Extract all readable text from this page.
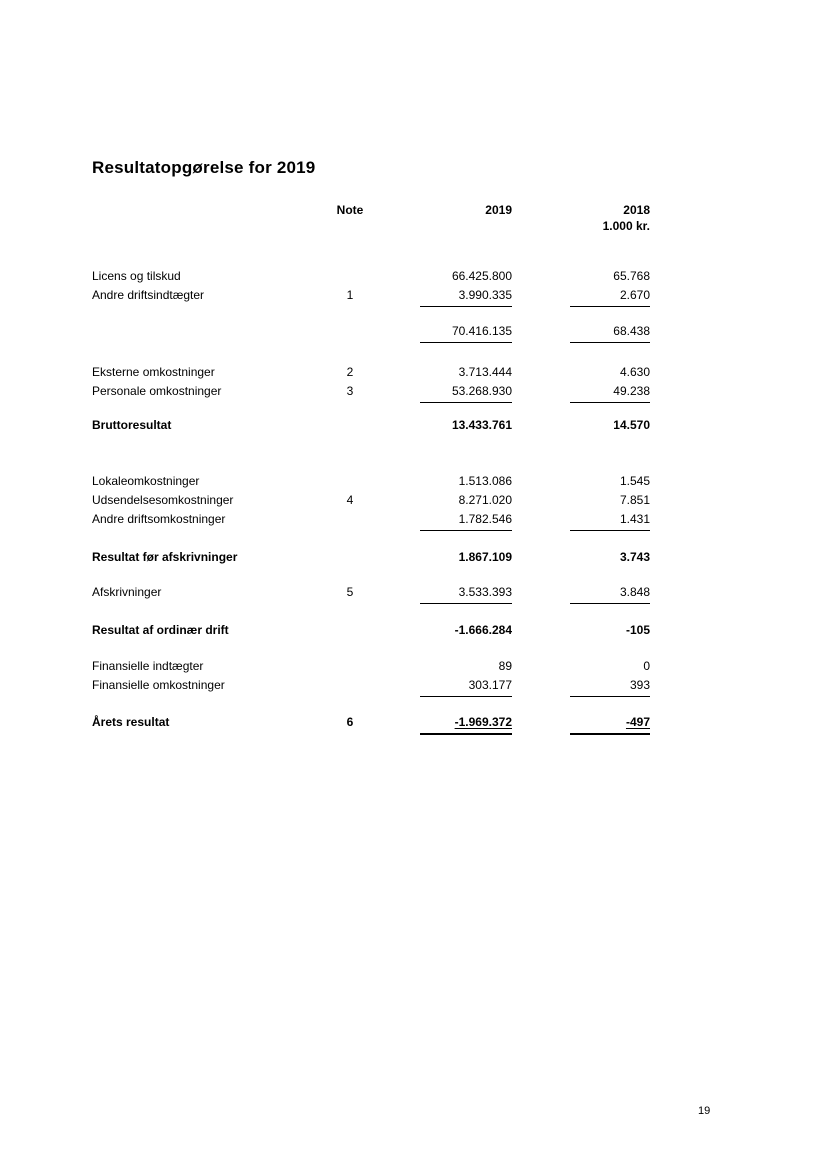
Resultatopgørelse for 2019
Note	2019	2018
1.000 kr.
Licens og tilskud	66.425.800	65.768
Andre driftsindtægter	1	3.990.335	2.670
70.416.135	68.438
Eksterne omkostninger	2	3.713.444	4.630
Personale omkostninger	3	53.268.930	49.238
Bruttoresultat	13.433.761	14.570
Lokaleomkostninger	1.513.086	1.545
Udsendelsesomkostninger	4	8.271.020	7.851
Andre driftsomkostninger	1.782.546	1.431
Resultat før afskrivninger	1.867.109	3.743
Afskrivninger	5	3.533.393	3.848
Resultat af ordinær drift	-1.666.284	-105
Finansielle indtægter	89	0
Finansielle omkostninger	303.177	393
Årets resultat	6	-1.969.372	-497
19
